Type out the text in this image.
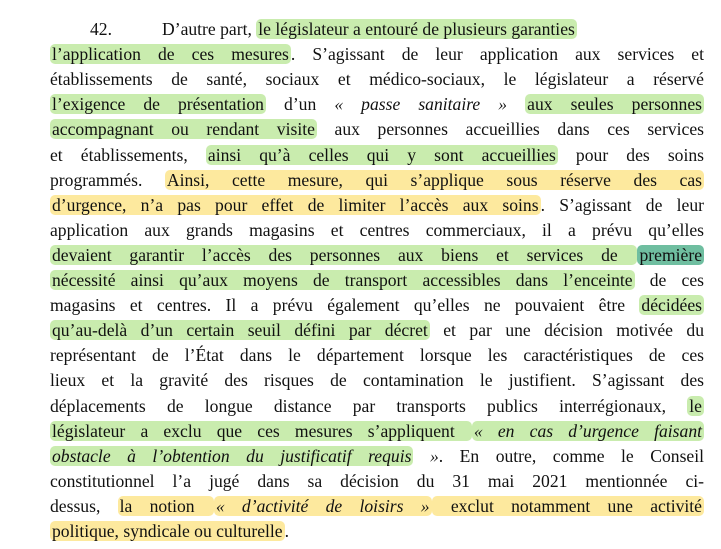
42.	D’autre part, le législateur a entouré de plusieurs garanties
l’application de ces mesures . S’agissant de leur application aux services et
établissements de santé, sociaux et médico-sociaux, le législateur a réservé
l’exigence de présentation d’un « passe sanitaire » aux seules personnes
accompagnant ou rendant visite aux personnes accueillies dans ces services
et établissements, ainsi qu’à celles qui y sont accueillies pour des soins
programmés. Ainsi, cette mesure, qui s’applique sous réserve des cas
d’urgence, n’a pas pour effet de limiter l’accès aux soins . S’agissant de leur
application aux grands magasins et centres commerciaux, il a prévu qu’elles
devaient garantir l’accès des personnes aux biens et services de première
nécessité ainsi qu’aux moyens de transport accessibles dans l’enceinte de ces
magasins et centres. Il a prévu également qu’elles ne pouvaient être décidées
qu’au-delà d’un certain seuil défini par décret et par une décision motivée du
représentant de l’État dans le département lorsque les caractéristiques de ces
lieux et la gravité des risques de contamination le justifient. S’agissant des
déplacements de longue distance par transports publics interrégionaux, le
législateur a exclu que ces mesures s’appliquent « en cas d’urgence faisant
obstacle à l’obtention du justificatif requis ». En outre, comme le Conseil
constitutionnel l’a jugé dans sa décision du 31 mai 2021 mentionnée ci-
dessus, la notion « d’activité de loisirs » exclut notamment une activité
politique, syndicale ou culturelle .
